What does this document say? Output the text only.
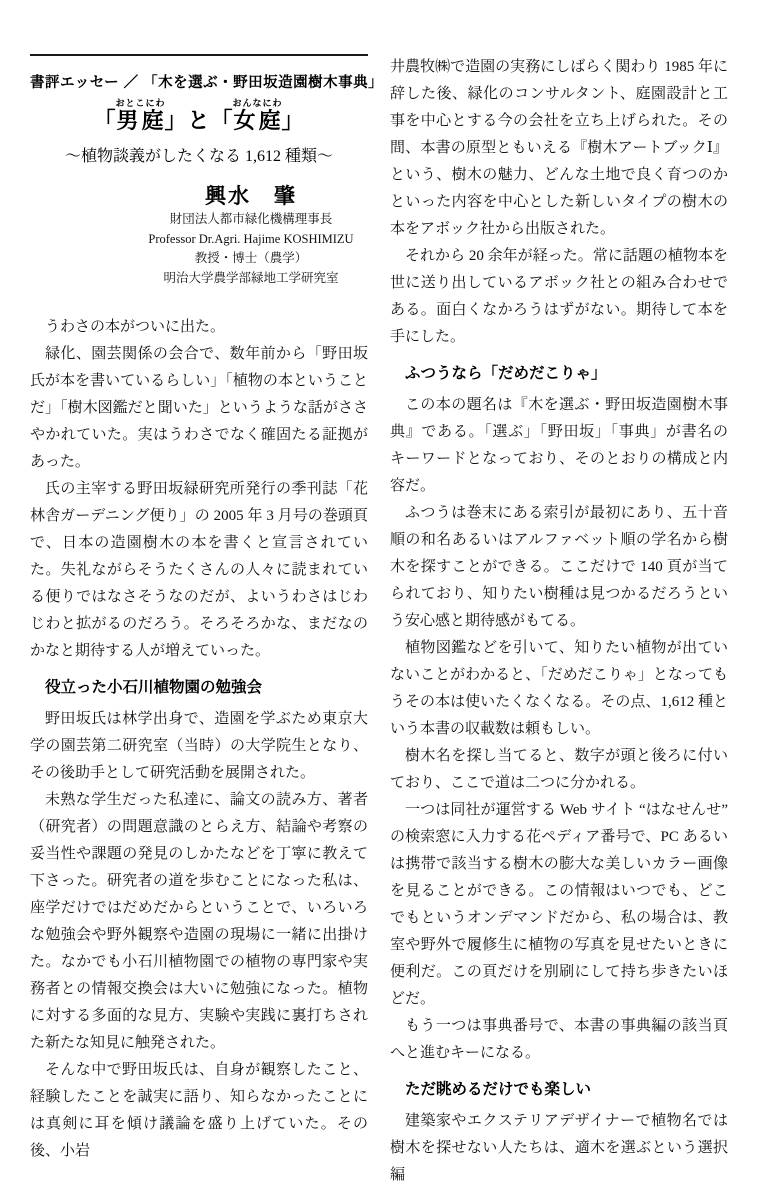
書評エッセー ／ 「木を選ぶ・野田坂造園樹木事典」
「男庭おとこにわ」と「女庭おんなにわ」
～植物談義がしたくなる 1,612 種類～
興水　肇
財団法人都市緑化機構理事長
Professor Dr.Agri. Hajime KOSHIMIZU
教授・博士（農学）
明治大学農学部緑地工学研究室

うわさの本がついに出た。

緑化、園芸関係の会合で、数年前から「野田坂氏が本を書いているらしい」「植物の本ということだ」「樹木図鑑だと聞いた」というような話がささやかれていた。実はうわさでなく確固たる証拠があった。

氏の主宰する野田坂緑研究所発行の季刊誌「花林舎ガーデニング便り」の 2005 年 3 月号の巻頭頁で、日本の造園樹木の本を書くと宣言されていた。失礼ながらそうたくさんの人々に読まれている便りではなさそうなのだが、よいうわさはじわじわと拡がるのだろう。そろそろかな、まだなのかなと期待する人が増えていった。

役立った小石川植物園の勉強会

野田坂氏は林学出身で、造園を学ぶため東京大学の園芸第二研究室（当時）の大学院生となり、その後助手として研究活動を展開された。

未熟な学生だった私達に、論文の読み方、著者（研究者）の問題意識のとらえ方、結論や考察の妥当性や課題の発見のしかたなどを丁寧に教えて下さった。研究者の道を歩むことになった私は、座学だけではだめだからということで、いろいろな勉強会や野外観察や造園の現場に一緒に出掛けた。なかでも小石川植物園での植物の専門家や実務者との情報交換会は大いに勉強になった。植物に対する多面的な見方、実験や実践に裏打ちされた新たな知見に触発された。

そんな中で野田坂氏は、自身が観察したこと、経験したことを誠実に語り、知らなかったことには真剣に耳を傾け議論を盛り上げていた。その後、小岩

井農牧㈱で造園の実務にしばらく関わり 1985 年に辞した後、緑化のコンサルタント、庭園設計と工事を中心とする今の会社を立ち上げられた。その間、本書の原型ともいえる『樹木アートブックⅠ』という、樹木の魅力、どんな土地で良く育つのかといった内容を中心とした新しいタイプの樹木の本をアボック社から出版された。

それから 20 余年が経った。常に話題の植物本を世に送り出しているアボック社との組み合わせである。面白くなかろうはずがない。期待して本を手にした。

ふつうなら「だめだこりゃ」

この本の題名は『木を選ぶ・野田坂造園樹木事典』である。「選ぶ」「野田坂」「事典」が書名のキーワードとなっており、そのとおりの構成と内容だ。

ふつうは巻末にある索引が最初にあり、五十音順の和名あるいはアルファベット順の学名から樹木を探すことができる。ここだけで 140 頁が当てられており、知りたい樹種は見つかるだろうという安心感と期待感がもてる。

植物図鑑などを引いて、知りたい植物が出ていないことがわかると、「だめだこりゃ」となってもうその本は使いたくなくなる。その点、1,612 種という本書の収載数は頼もしい。

樹木名を探し当てると、数字が頭と後ろに付いており、ここで道は二つに分かれる。

一つは同社が運営する Web サイト “はなせんせ” の検索窓に入力する花ペディア番号で、PC あるいは携帯で該当する樹木の膨大な美しいカラー画像を見ることができる。この情報はいつでも、どこでもというオンデマンドだから、私の場合は、教室や野外で履修生に植物の写真を見せたいときに便利だ。この頁だけを別刷にして持ち歩きたいほどだ。

もう一つは事典番号で、本書の事典編の該当頁へと進むキーになる。

ただ眺めるだけでも楽しい

建築家やエクステリアデザイナーで植物名では樹木を探せない人たちは、適木を選ぶという選択編
